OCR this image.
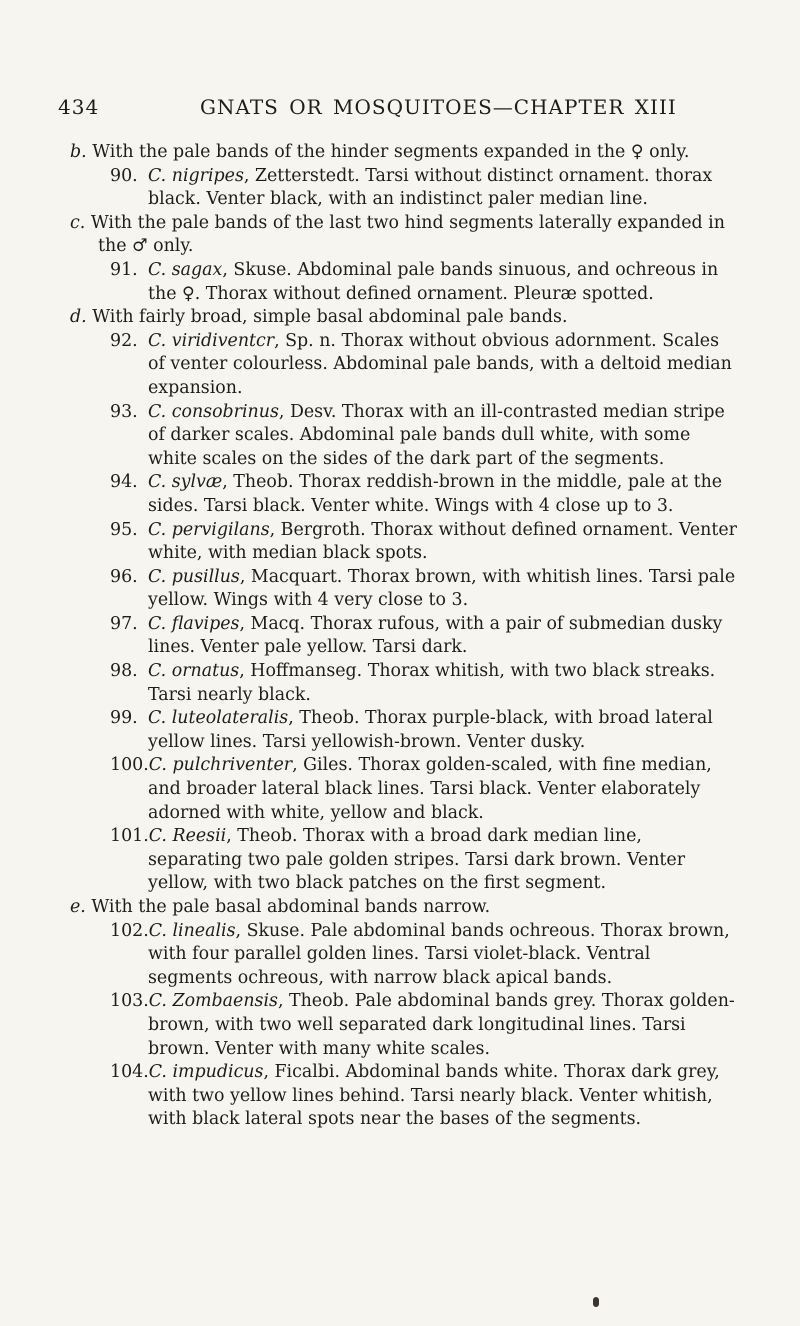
434	GNATS OR MOSQUITOES—CHAPTER XIII
b. With the pale bands of the hinder segments expanded in the ♀ only.
90. C. nigripes, Zetterstedt. Tarsi without distinct ornament. thorax black. Venter black, with an indistinct paler median line.
c. With the pale bands of the last two hind segments laterally expanded in the ♂ only.
91. C. sagax, Skuse. Abdominal pale bands sinuous, and ochreous in the ♀. Thorax without defined ornament. Pleuræ spotted.
d. With fairly broad, simple basal abdominal pale bands.
92. C. viridiventcr, Sp. n. Thorax without obvious adornment. Scales of venter colourless. Abdominal pale bands, with a deltoid median expansion.
93. C. consobrinus, Desv. Thorax with an ill-contrasted median stripe of darker scales. Abdominal pale bands dull white, with some white scales on the sides of the dark part of the segments.
94. C. sylvæ, Theob. Thorax reddish-brown in the middle, pale at the sides. Tarsi black. Venter white. Wings with 4 close up to 3.
95. C. pervigilans, Bergroth. Thorax without defined ornament. Venter white, with median black spots.
96. C. pusillus, Macquart. Thorax brown, with whitish lines. Tarsi pale yellow. Wings with 4 very close to 3.
97. C. flavipes, Macq. Thorax rufous, with a pair of submedian dusky lines. Venter pale yellow. Tarsi dark.
98. C. ornatus, Hoffmanseg. Thorax whitish, with two black streaks. Tarsi nearly black.
99. C. luteolateralis, Theob. Thorax purple-black, with broad lateral yellow lines. Tarsi yellowish-brown. Venter dusky.
100.C. pulchriventer, Giles. Thorax golden-scaled, with fine median, and broader lateral black lines. Tarsi black. Venter elaborately adorned with white, yellow and black.
101.C. Reesii, Theob. Thorax with a broad dark median line, separating two pale golden stripes. Tarsi dark brown. Venter yellow, with two black patches on the first segment.
e. With the pale basal abdominal bands narrow.
102.C. linealis, Skuse. Pale abdominal bands ochreous. Thorax brown, with four parallel golden lines. Tarsi violet-black. Ventral segments ochreous, with narrow black apical bands.
103.C. Zombaensis, Theob. Pale abdominal bands grey. Thorax golden-brown, with two well separated dark longitudinal lines. Tarsi brown. Venter with many white scales.
104.C. impudicus, Ficalbi. Abdominal bands white. Thorax dark grey, with two yellow lines behind. Tarsi nearly black. Venter whitish, with black lateral spots near the bases of the segments.
